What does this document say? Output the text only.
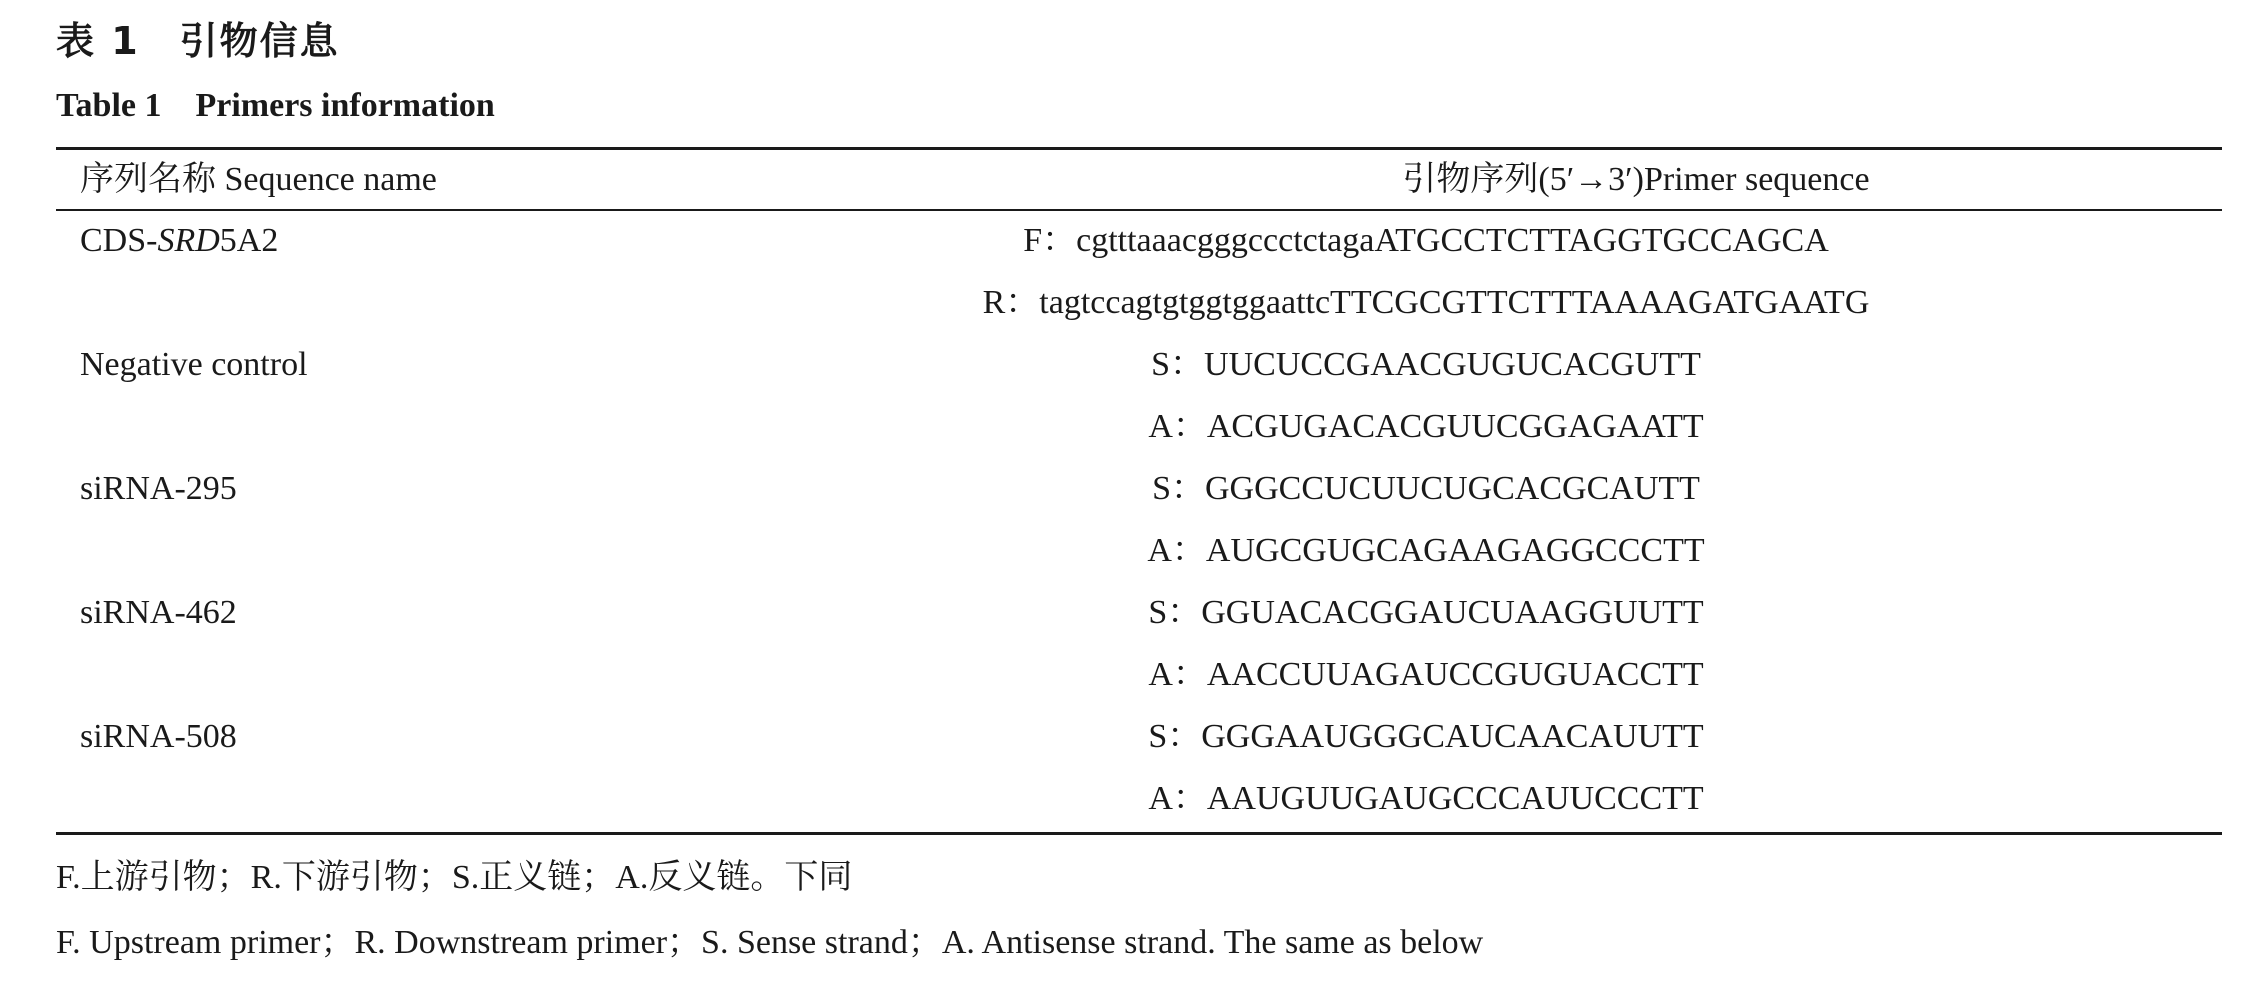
表 1　引物信息
Table 1　Primers information
序列名称 Sequence name	引物序列(5′→3′)Primer sequence
CDS-SRD5A2	F：cgtttaaacgggccctctagaATGCCTCTTAGGTGCCAGCA
R：tagtccagtgtggtggaattcTTCGCGTTCTTTAAAAGATGAATG
Negative control	S：UUCUCCGAACGUGUCACGUTT
A：ACGUGACACGUUCGGAGAATT
siRNA-295	S：GGGCCUCUUCUGCACGCAUTT
A：AUGCGUGCAGAAGAGGCCCTT
siRNA-462	S：GGUACACGGAUCUAAGGUUTT
A：AACCUUAGAUCCGUGUACCTT
siRNA-508	S：GGGAAUGGGCAUCAACAUUTT
A：AAUGUUGAUGCCCAUUCCCTT
F.上游引物；R.下游引物；S.正义链；A.反义链。下同
F. Upstream primer；R. Downstream primer；S. Sense strand；A. Antisense strand. The same as below
